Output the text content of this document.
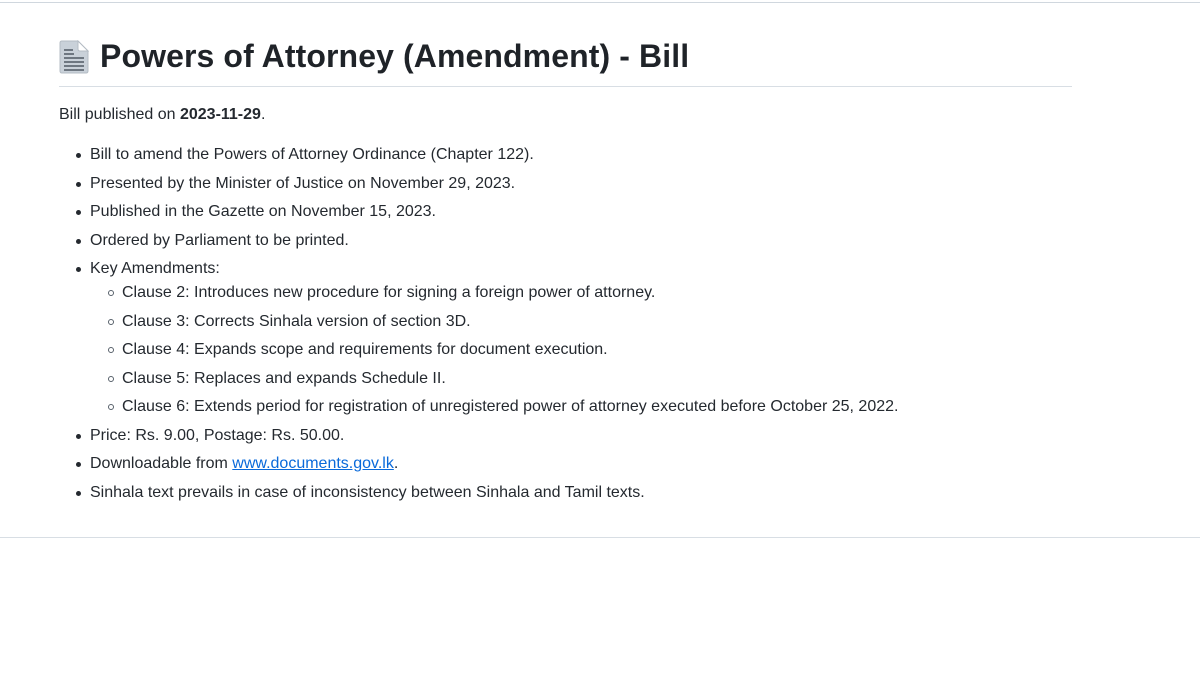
Powers of Attorney (Amendment) - Bill
Bill published on 2023-11-29.
Bill to amend the Powers of Attorney Ordinance (Chapter 122).
Presented by the Minister of Justice on November 29, 2023.
Published in the Gazette on November 15, 2023.
Ordered by Parliament to be printed.
Key Amendments:
Clause 2: Introduces new procedure for signing a foreign power of attorney.
Clause 3: Corrects Sinhala version of section 3D.
Clause 4: Expands scope and requirements for document execution.
Clause 5: Replaces and expands Schedule II.
Clause 6: Extends period for registration of unregistered power of attorney executed before October 25, 2022.
Price: Rs. 9.00, Postage: Rs. 50.00.
Downloadable from www.documents.gov.lk.
Sinhala text prevails in case of inconsistency between Sinhala and Tamil texts.
